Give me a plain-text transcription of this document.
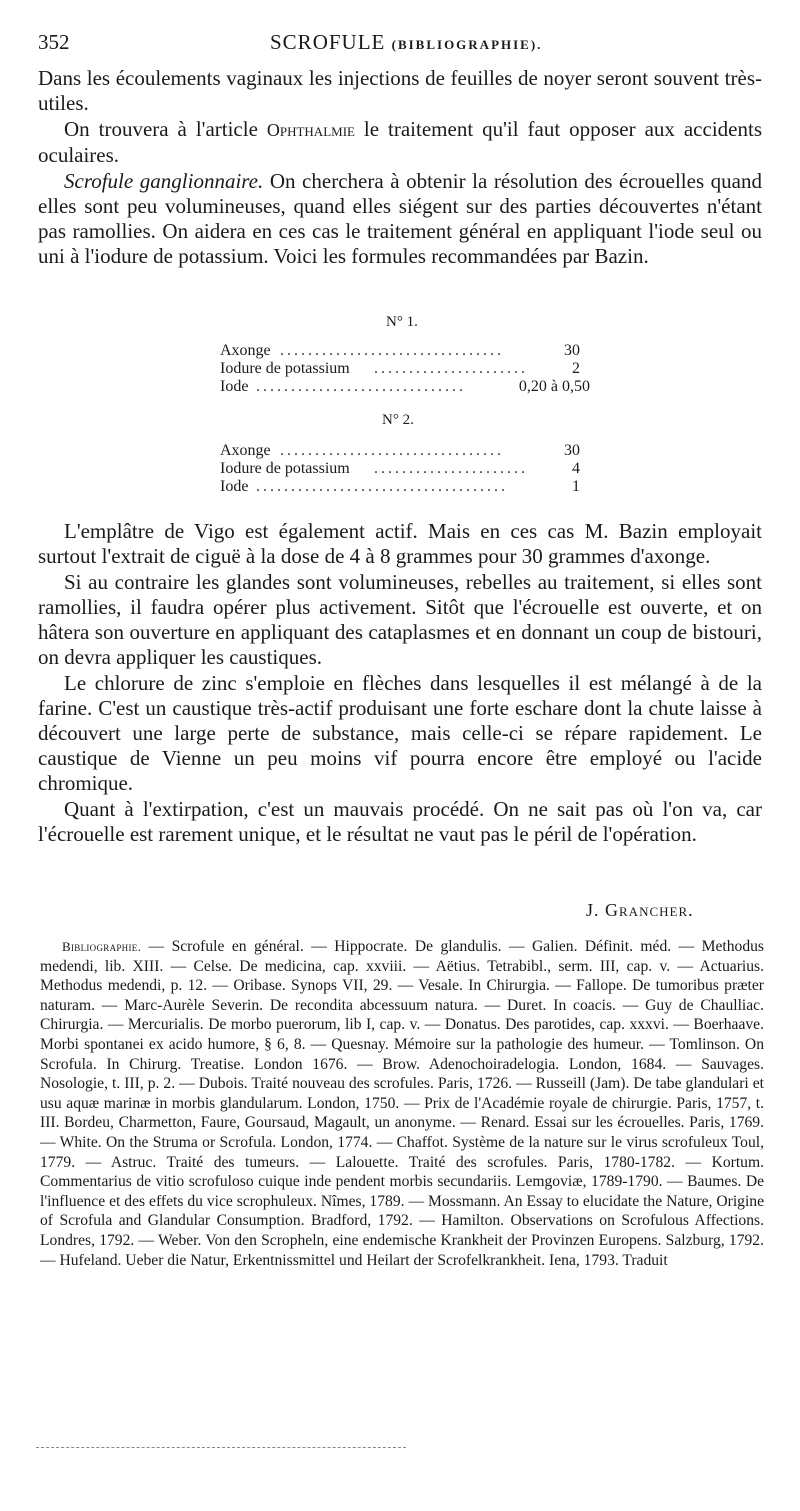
352	SCROFULE (BIBLIOGRAPHIE).

Dans les écoulements vaginaux les injections de feuilles de noyer seront souvent très-utiles.

On trouvera à l'article Ophthalmie le traitement qu'il faut opposer aux accidents oculaires.

Scrofule ganglionnaire. On cherchera à obtenir la résolution des écrouelles quand elles sont peu volumineuses, quand elles siégent sur des parties découvertes n'étant pas ramollies. On aidera en ces cas le traitement général en appliquant l'iode seul ou uni à l'iodure de potassium. Voici les formules recommandées par Bazin.

N° 1.
Axonge ................................	30
Iodure de potassium ......................	2
Iode ..............................	0,20 à 0,50
N° 2.
Axonge ................................	30
Iodure de potassium ......................	4
Iode ....................................	1

L'emplâtre de Vigo est également actif. Mais en ces cas M. Bazin employait surtout l'extrait de ciguë à la dose de 4 à 8 grammes pour 30 grammes d'axonge.

Si au contraire les glandes sont volumineuses, rebelles au traitement, si elles sont ramollies, il faudra opérer plus activement. Sitôt que l'écrouelle est ouverte, et on hâtera son ouverture en appliquant des cataplasmes et en donnant un coup de bistouri, on devra appliquer les caustiques.

Le chlorure de zinc s'emploie en flèches dans lesquelles il est mélangé à de la farine. C'est un caustique très-actif produisant une forte eschare dont la chute laisse à découvert une large perte de substance, mais celle-ci se répare rapidement. Le caustique de Vienne un peu moins vif pourra encore être employé ou l'acide chromique.

Quant à l'extirpation, c'est un mauvais procédé. On ne sait pas où l'on va, car l'écrouelle est rarement unique, et le résultat ne vaut pas le péril de l'opération.

J. Grancher.

Bibliographie. — Scrofule en général. — Hippocrate. De glandulis. — Galien. Définit. méd. — Methodus medendi, lib. XIII. — Celse. De medicina, cap. xxviii. — Aëtius. Tetrabibl., serm. III, cap. v. — Actuarius. Methodus medendi, p. 12. — Oribase. Synops VII, 29. — Vesale. In Chirurgia. — Fallope. De tumoribus præter naturam. — Marc-Aurèle Severin. De recondita abcessuum natura. — Duret. In coacis. — Guy de Chaulliac. Chirurgia. — Mercurialis. De morbo puerorum, lib I, cap. v. — Donatus. Des parotides, cap. xxxvi. — Boerhaave. Morbi spontanei ex acido humore, § 6, 8. — Quesnay. Mémoire sur la pathologie des humeur. — Tomlinson. On Scrofula. In Chirurg. Treatise. London 1676. — Brow. Adenochoiradelogia. London, 1684. — Sauvages. Nosologie, t. III, p. 2. — Dubois. Traité nouveau des scrofules. Paris, 1726. — Russeill (Jam). De tabe glandulari et usu aquæ marinæ in morbis glandularum. London, 1750. — Prix de l'Académie royale de chirurgie. Paris, 1757, t. III. Bordeu, Charmetton, Faure, Goursaud, Magault, un anonyme. — Renard. Essai sur les écrouelles. Paris, 1769. — White. On the Struma or Scrofula. London, 1774. — Chaffot. Système de la nature sur le virus scrofuleux Toul, 1779. — Astruc. Traité des tumeurs. — Lalouette. Traité des scrofules. Paris, 1780-1782. — Kortum. Commentarius de vitio scrofuloso cuique inde pendent morbis secundariis. Lemgoviæ, 1789-1790. — Baumes. De l'influence et des effets du vice scrophuleux. Nîmes, 1789. — Mossmann. An Essay to elucidate the Nature, Origine of Scrofula and Glandular Consumption. Bradford, 1792. — Hamilton. Observations on Scrofulous Affections. Londres, 1792. — Weber. Von den Scropheln, eine endemische Krankheit der Provinzen Europens. Salzburg, 1792. — Hufeland. Ueber die Natur, Erkentnissmittel und Heilart der Scrofelkrankheit. Iena, 1793. Traduit
